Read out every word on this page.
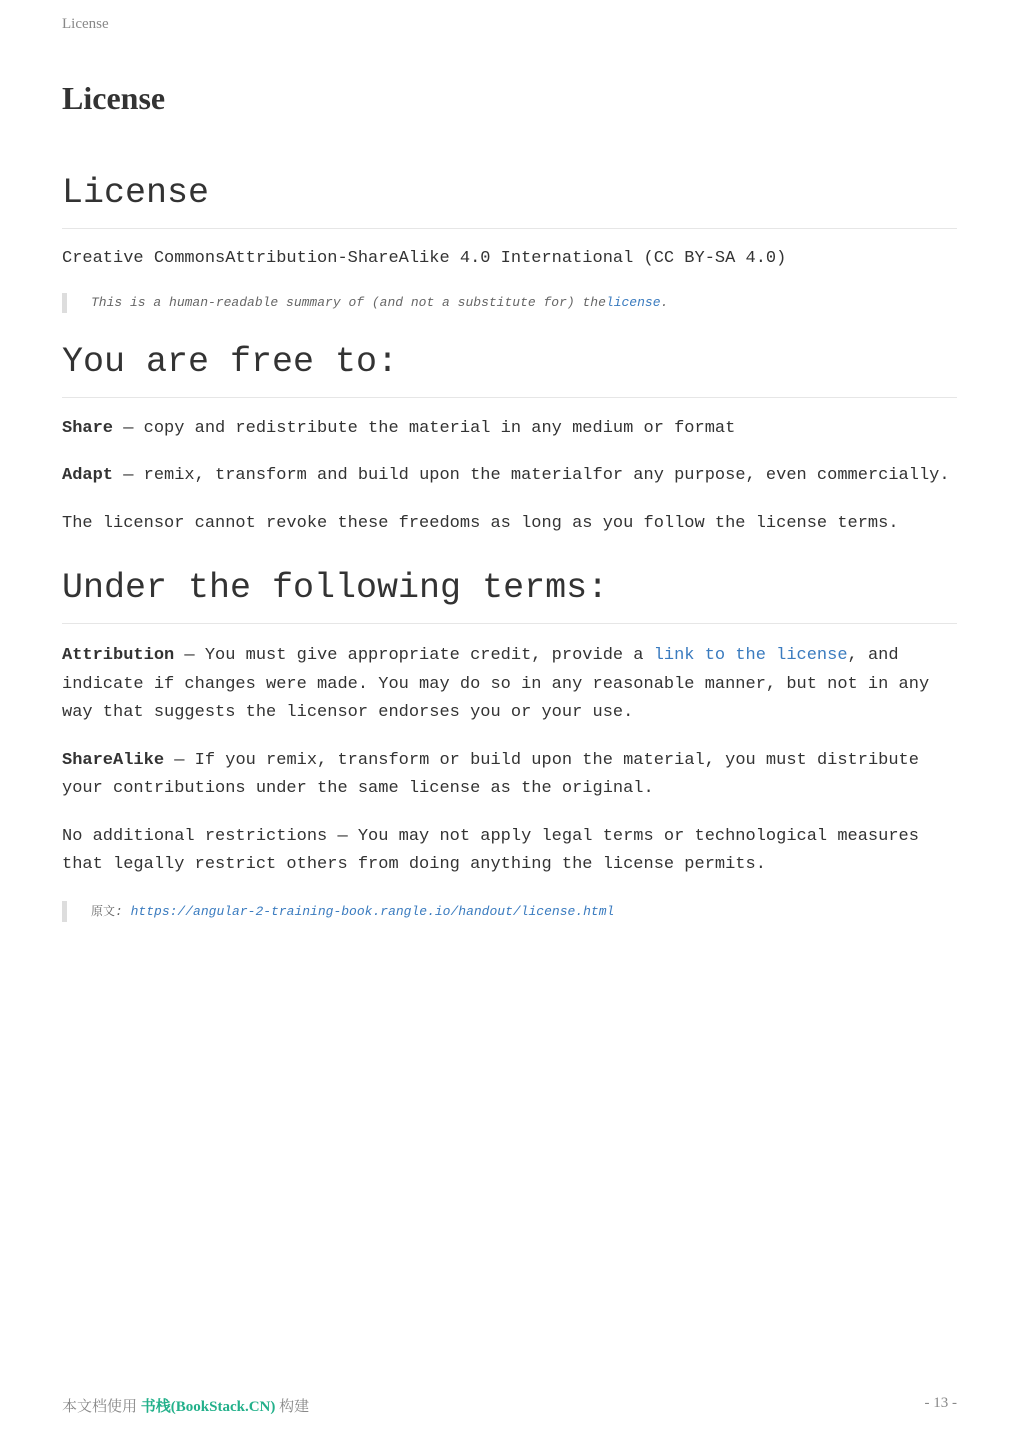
License
License
License

Creative CommonsAttribution-ShareAlike 4.0 International (CC BY-SA 4.0)

This is a human-readable summary of (and not a substitute for) thelicense.
You are free to:

Share — copy and redistribute the material in any medium or format

Adapt — remix, transform and build upon the materialfor any purpose, even commercially.

The licensor cannot revoke these freedoms as long as you follow the license terms.

Under the following terms:

Attribution — You must give appropriate credit, provide a link to the license, and indicate if changes were made. You may do so in any reasonable manner, but not in any way that suggests the licensor endorses you or your use.

ShareAlike — If you remix, transform or build upon the material, you must distribute your contributions under the same license as the original.

No additional restrictions — You may not apply legal terms or technological measures that legally restrict others from doing anything the license permits.

原文: https://angular-2-training-book.rangle.io/handout/license.html
本文档使用 书栈(BookStack.CN) 构建	- 13 -
